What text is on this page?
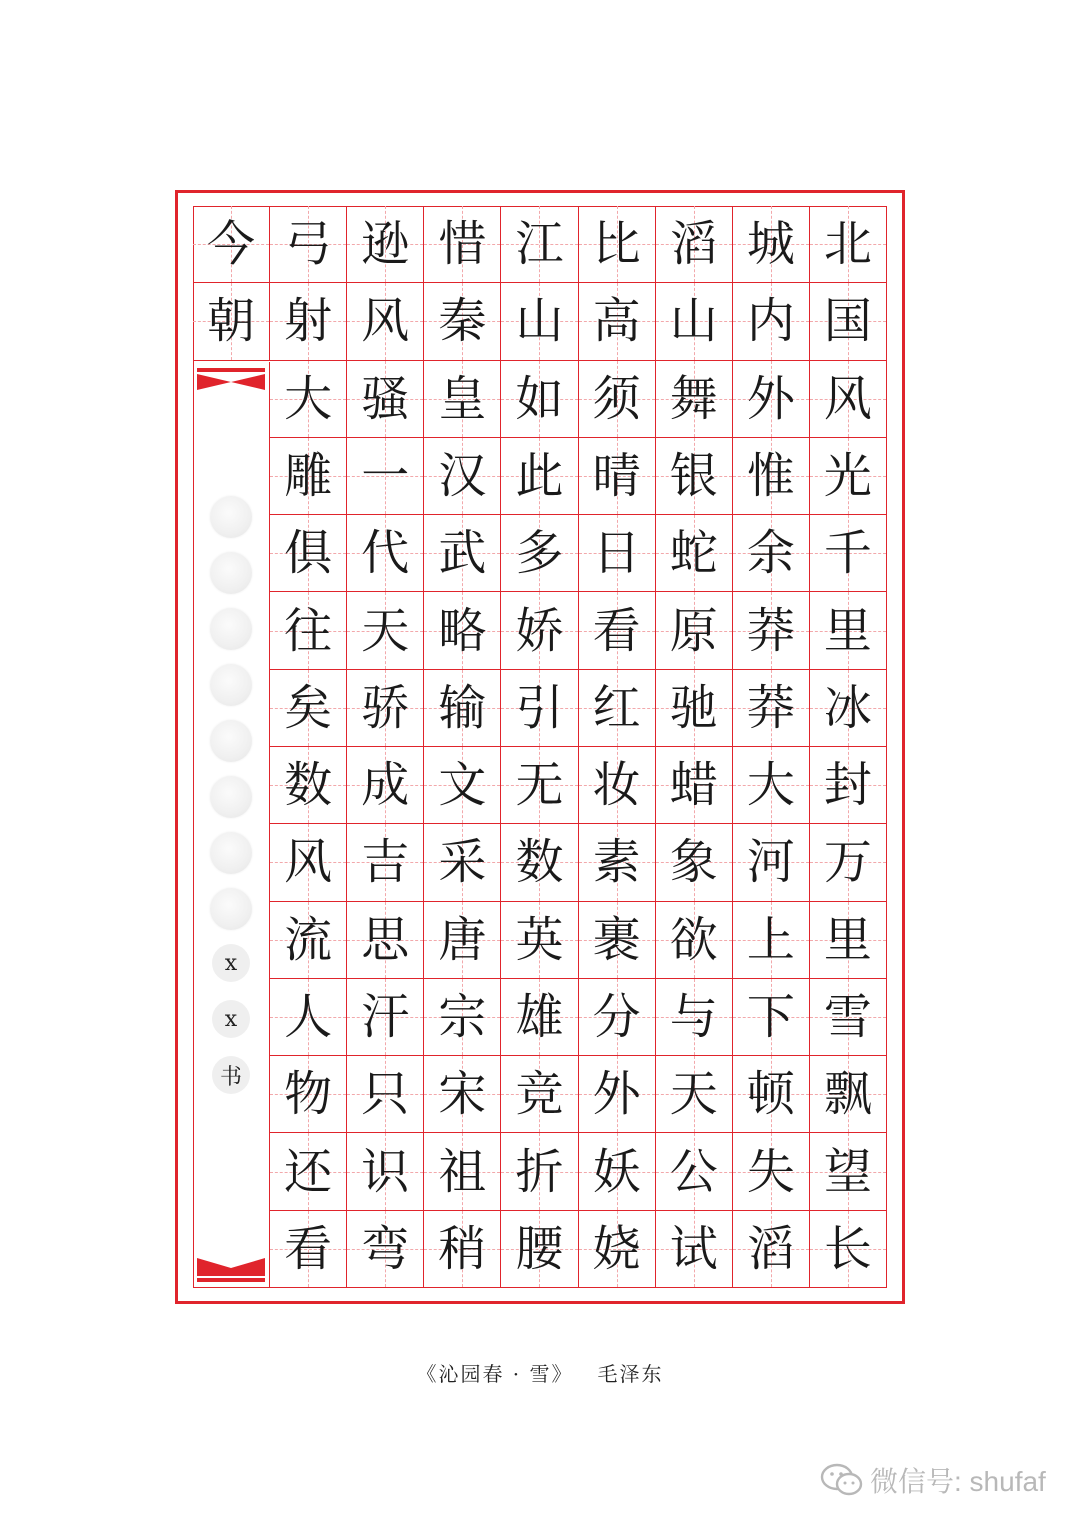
北
国
风
光
千
里
冰
封
万
里
雪
飘
望
长
城
内
外
惟
余
莽
莽
大
河
上
下
顿
失
滔
滔
山
舞
银
蛇
原
驰
蜡
象
欲
与
天
公
试
比
高
须
晴
日
看
红
妆
素
裹
分
外
妖
娆
江
山
如
此
多
娇
引
无
数
英
雄
竞
折
腰
惜
秦
皇
汉
武
略
输
文
采
唐
宗
宋
祖
稍
逊
风
骚
一
代
天
骄
成
吉
思
汗
只
识
弯
弓
射
大
雕
俱
往
矣
数
风
流
人
物
还
看
今
朝
x
x
书
《沁园春 · 雪》 毛泽东
微信号: shufaf
